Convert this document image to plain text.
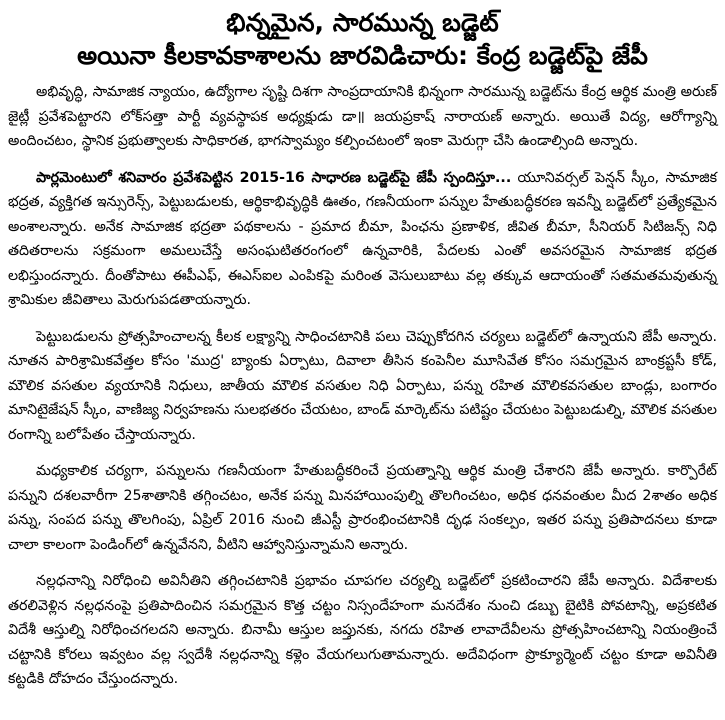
భిన్నమైన, సారమున్న బడ్జెట్
అయినా కీలకావకాశాలను జారవిడిచారు: కేంద్ర బడ్జెట్‌పై జేపీ

అభివృద్ధి, సామాజిక న్యాయం, ఉద్యోగాల సృష్టి దిశగా సాంప్రదాయానికి భిన్నంగా సారమున్న బడ్జెట్‌ను కేంద్ర ఆర్థిక మంత్రి అరుణ్ జైట్లీ ప్రవేశపెట్టారని లోక్‌సత్తా పార్టీ వ్యవస్థాపక అధ్యక్షుడు డా॥ జయప్రకాష్ నారాయణ్ అన్నారు. అయితే విద్య, ఆరోగ్యాన్ని అందించటం, స్థానిక ప్రభుత్వాలకు సాధికారత, భాగస్వామ్యం కల్పించటంలో ఇంకా మెరుగ్గా చేసి ఉండాల్సింది అన్నారు.

పార్లమెంటులో శనివారం ప్రవేశపెట్టిన 2015-16 సాధారణ బడ్జెట్‌పై జేపీ స్పందిస్తూ... యూనివర్సల్ పెన్షన్ స్కీం, సామాజిక భద్రత, వ్యక్తిగత ఇన్సురెన్స్, పెట్టుబడులకు, ఆర్థికాభివృద్ధికి ఊతం, గణనీయంగా పన్నుల హేతుబద్ధీకరణ ఇవన్నీ బడ్జెట్‌లో ప్రత్యేకమైన అంశాలన్నారు. అనేక సామాజిక భద్రతా పథకాలను - ప్రమాద బీమా, పింఛను ప్రణాళిక, జీవిత బీమా, సీనియర్ సిటిజన్స్ నిధి తదితరాలను సక్రమంగా అమలుచేస్తే అసంఘటితరంగంలో ఉన్నవారికి, పేదలకు ఎంతో అవసరమైన సామాజిక భద్రత లభిస్తుందన్నారు. దీంతోపాటు ఈపీఎఫ్, ఈఎస్ఐల ఎంపికపై మరింత వెసులుబాటు వల్ల తక్కువ ఆదాయంతో సతమతమవుతున్న శ్రామికుల జీవితాలు మెరుగుపడతాయన్నారు.

పెట్టుబడులను ప్రోత్సహించాలన్న కీలక లక్ష్యాన్ని సాధించటానికి పలు చెప్పుకోదగిన చర్యలు బడ్జెట్‌లో ఉన్నాయని జేపీ అన్నారు. నూతన పారిశ్రామికవేత్తల కోసం 'ముద్ర' బ్యాంకు ఏర్పాటు, దివాలా తీసిన కంపెనీల మూసివేత కోసం సమగ్రమైన బాంక్రప్టసీ కోడ్, మౌలిక వసతుల వ్యయానికి నిధులు, జాతీయ మౌలిక వసతుల నిధి ఏర్పాటు, పన్ను రహిత మౌలికవసతుల బాండ్లు, బంగారం మానిటైజేషన్ స్కీం, వాణిజ్య నిర్వహణను సులభతరం చేయటం, బాండ్ మార్కెట్‌ను పటిష్టం చేయటం పెట్టుబడుల్ని, మౌలిక వసతుల రంగాన్ని బలోపేతం చేస్తాయన్నారు.

మధ్యకాలిక చర్యగా, పన్నులను గణనీయంగా హేతుబద్ధీకరించే ప్రయత్నాన్ని ఆర్థిక మంత్రి చేశారని జేపీ అన్నారు. కార్పొరేట్ పన్నుని దశలవారీగా 25శాతానికి తగ్గించటం, అనేక పన్ను మినహాయింపుల్ని తొలగించటం, అధిక ధనవంతుల మీద 2శాతం అధిక పన్ను, సంపద పన్ను తొలగింపు, ఏప్రిల్ 2016 నుంచి జీఎస్టీ ప్రారంభించటానికి దృఢ సంకల్పం, ఇతర పన్ను ప్రతిపాదనలు కూడా చాలా కాలంగా పెండింగ్‌లో ఉన్నవేనని, వీటిని ఆహ్వానిస్తున్నామని అన్నారు.

నల్లధనాన్ని నిరోధించి అవినీతిని తగ్గించటానికి ప్రభావం చూపగల చర్యల్ని బడ్జెట్‌లో ప్రకటించారని జేపీ అన్నారు. విదేశాలకు తరలివెళ్లిన నల్లధనంపై ప్రతిపాదించిన సమగ్రమైన కొత్త చట్టం నిస్సందేహంగా మనదేశం నుంచి డబ్బు బైటికి పోవటాన్ని, అప్రకటిత విదేశీ ఆస్తుల్ని నిరోధించగలదని అన్నారు. బినామీ ఆస్తుల జప్తునకు, నగదు రహిత లావాదేవీలను ప్రోత్సహించటాన్ని నియంత్రించే చట్టానికి కోరలు ఇవ్వటం వల్ల స్వదేశీ నల్లధనాన్ని కళ్లెం వేయగలుగుతామన్నారు. అదేవిధంగా ప్రొక్యూర్మెంట్ చట్టం కూడా అవినీతి కట్టడికి దోహదం చేస్తుందన్నారు.
